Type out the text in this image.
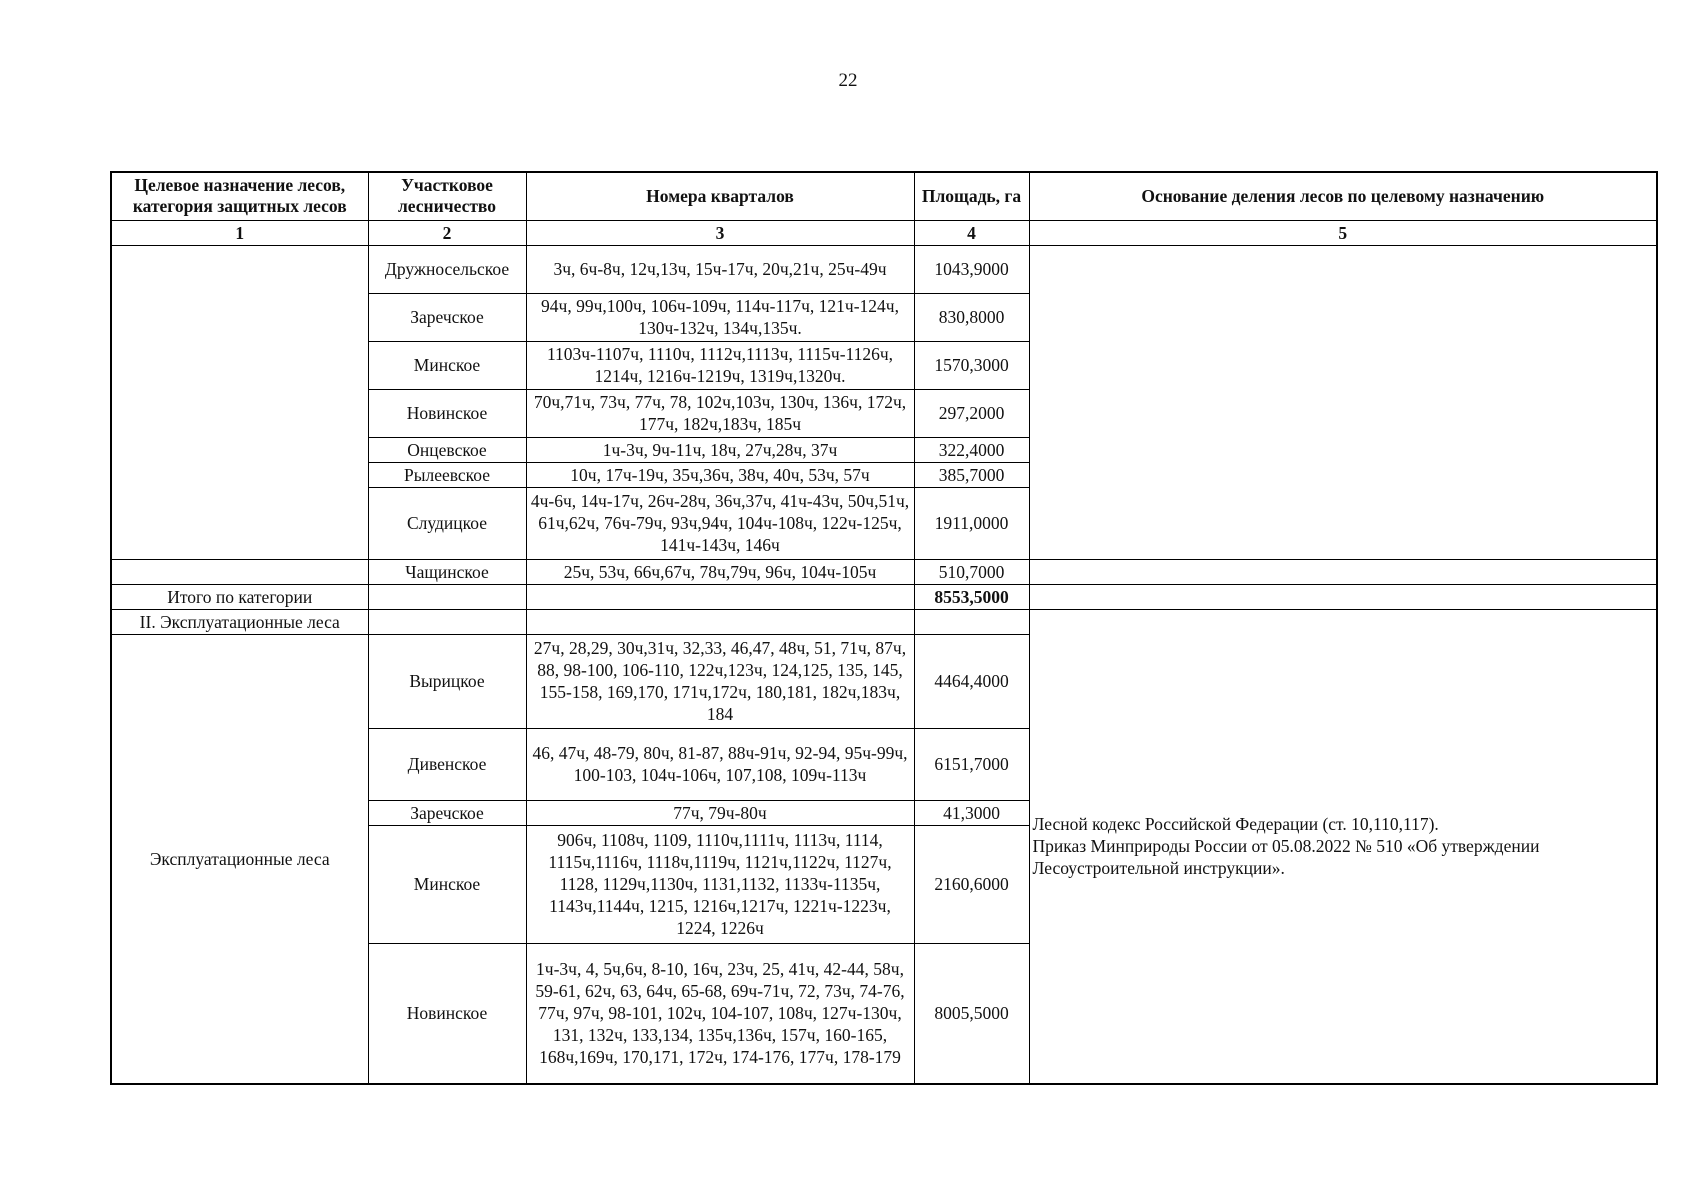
22
Целевое назначение лесов, категория защитных лесов	Участковое лесничество	Номера кварталов	Площадь, га	Основание деления лесов по целевому назначению
1	2	3	4	5
	Дружносельское	3ч, 6ч-8ч, 12ч,13ч, 15ч-17ч, 20ч,21ч, 25ч-49ч	1043,9000	
	Заречское	94ч, 99ч,100ч, 106ч-109ч, 114ч-117ч, 121ч-124ч, 130ч-132ч, 134ч,135ч.	830,8000	
	Минское	1103ч-1107ч, 1110ч, 1112ч,1113ч, 1115ч-1126ч, 1214ч, 1216ч-1219ч, 1319ч,1320ч.	1570,3000	
	Новинское	70ч,71ч, 73ч, 77ч, 78, 102ч,103ч, 130ч, 136ч, 172ч, 177ч, 182ч,183ч, 185ч	297,2000	
	Онцевское	1ч-3ч, 9ч-11ч, 18ч, 27ч,28ч, 37ч	322,4000	
	Рылеевское	10ч, 17ч-19ч, 35ч,36ч, 38ч, 40ч, 53ч, 57ч	385,7000	
	Слудицкое	4ч-6ч, 14ч-17ч, 26ч-28ч, 36ч,37ч, 41ч-43ч, 50ч,51ч, 61ч,62ч, 76ч-79ч, 93ч,94ч, 104ч-108ч, 122ч-125ч, 141ч-143ч, 146ч	1911,0000	
	Чащинское	25ч, 53ч, 66ч,67ч, 78ч,79ч, 96ч, 104ч-105ч	510,7000	
Итого по категории			8553,5000	
II. Эксплуатационные леса				Лесной кодекс Российской Федерации (ст. 10,110,117).
Приказ Минприроды России от 05.08.2022 № 510 «Об утверждении Лесоустроительной инструкции».

Эксплуатационные леса	Вырицкое	27ч, 28,29, 30ч,31ч, 32,33, 46,47, 48ч, 51, 71ч, 87ч, 88, 98-100, 106-110, 122ч,123ч, 124,125, 135, 145, 155-158, 169,170, 171ч,172ч, 180,181, 182ч,183ч, 184	4464,4000	
	Дивенское	46, 47ч, 48-79, 80ч, 81-87, 88ч-91ч, 92-94, 95ч-99ч, 100-103, 104ч-106ч, 107,108, 109ч-113ч	6151,7000	
	Заречское	77ч, 79ч-80ч	41,3000	
	Минское	906ч, 1108ч, 1109, 1110ч,1111ч, 1113ч, 1114, 1115ч,1116ч, 1118ч,1119ч, 1121ч,1122ч, 1127ч, 1128, 1129ч,1130ч, 1131,1132, 1133ч-1135ч, 1143ч,1144ч, 1215, 1216ч,1217ч, 1221ч-1223ч, 1224, 1226ч	2160,6000	
	Новинское	1ч-3ч, 4, 5ч,6ч, 8-10, 16ч, 23ч, 25, 41ч, 42-44, 58ч, 59-61, 62ч, 63, 64ч, 65-68, 69ч-71ч, 72, 73ч, 74-76, 77ч, 97ч, 98-101, 102ч, 104-107, 108ч, 127ч-130ч, 131, 132ч, 133,134, 135ч,136ч, 157ч, 160-165, 168ч,169ч, 170,171, 172ч, 174-176, 177ч, 178-179	8005,5000	
